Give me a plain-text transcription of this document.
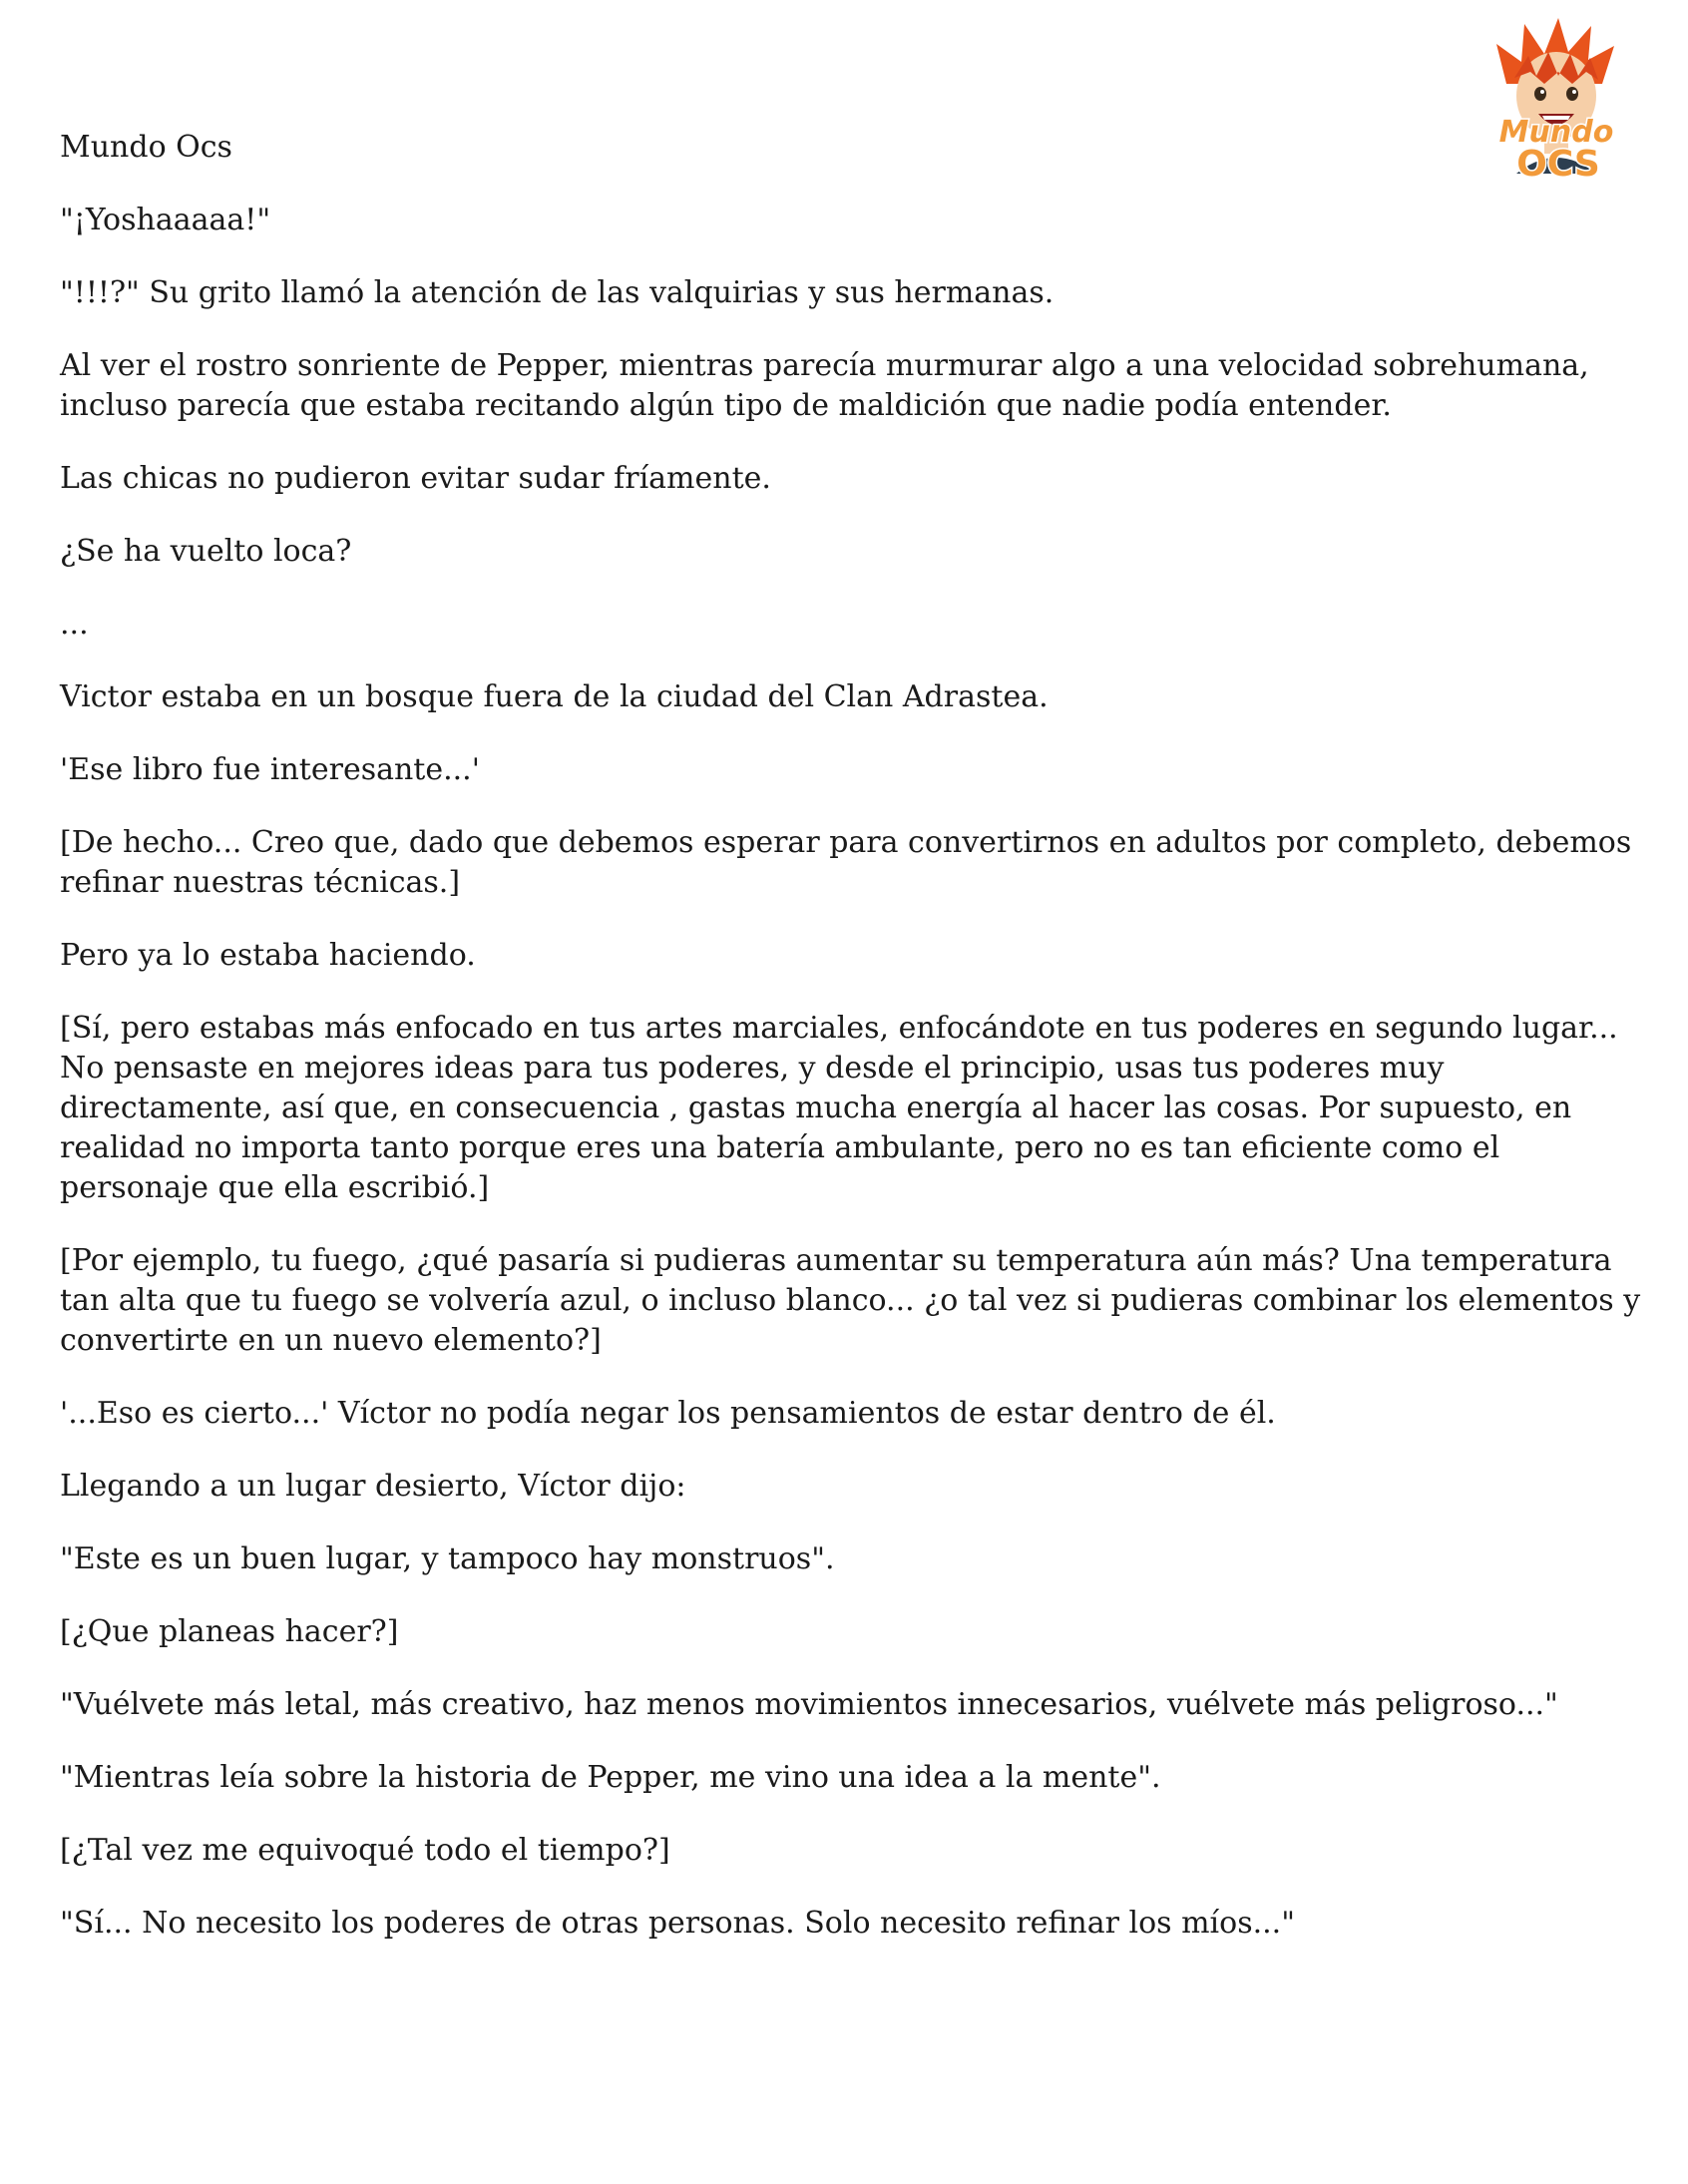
Mundo
OCS

Mundo Ocs

"¡Yoshaaaaa!"

"!!!?" Su grito llamó la atención de las valquirias y sus hermanas.

Al ver el rostro sonriente de Pepper, mientras parecía murmurar algo a una velocidad sobrehumana, incluso parecía que estaba recitando algún tipo de maldición que nadie podía entender.

Las chicas no pudieron evitar sudar fríamente.

¿Se ha vuelto loca?

...

Victor estaba en un bosque fuera de la ciudad del Clan Adrastea.

'Ese libro fue interesante...'

[De hecho... Creo que, dado que debemos esperar para convertirnos en adultos por completo, debemos refinar nuestras técnicas.]

Pero ya lo estaba haciendo.

[Sí, pero estabas más enfocado en tus artes marciales, enfocándote en tus poderes en segundo lugar... No pensaste en mejores ideas para tus poderes, y desde el principio, usas tus poderes muy directamente, así que, en consecuencia , gastas mucha energía al hacer las cosas. Por supuesto, en realidad no importa tanto porque eres una batería ambulante, pero no es tan eficiente como el personaje que ella escribió.]

[Por ejemplo, tu fuego, ¿qué pasaría si pudieras aumentar su temperatura aún más? Una temperatura tan alta que tu fuego se volvería azul, o incluso blanco... ¿o tal vez si pudieras combinar los elementos y convertirte en un nuevo elemento?]

'...Eso es cierto...' Víctor no podía negar los pensamientos de estar dentro de él.

Llegando a un lugar desierto, Víctor dijo:

"Este es un buen lugar, y tampoco hay monstruos".

[¿Que planeas hacer?]

"Vuélvete más letal, más creativo, haz menos movimientos innecesarios, vuélvete más peligroso..."

"Mientras leía sobre la historia de Pepper, me vino una idea a la mente".

[¿Tal vez me equivoqué todo el tiempo?]

"Sí... No necesito los poderes de otras personas. Solo necesito refinar los míos..."
